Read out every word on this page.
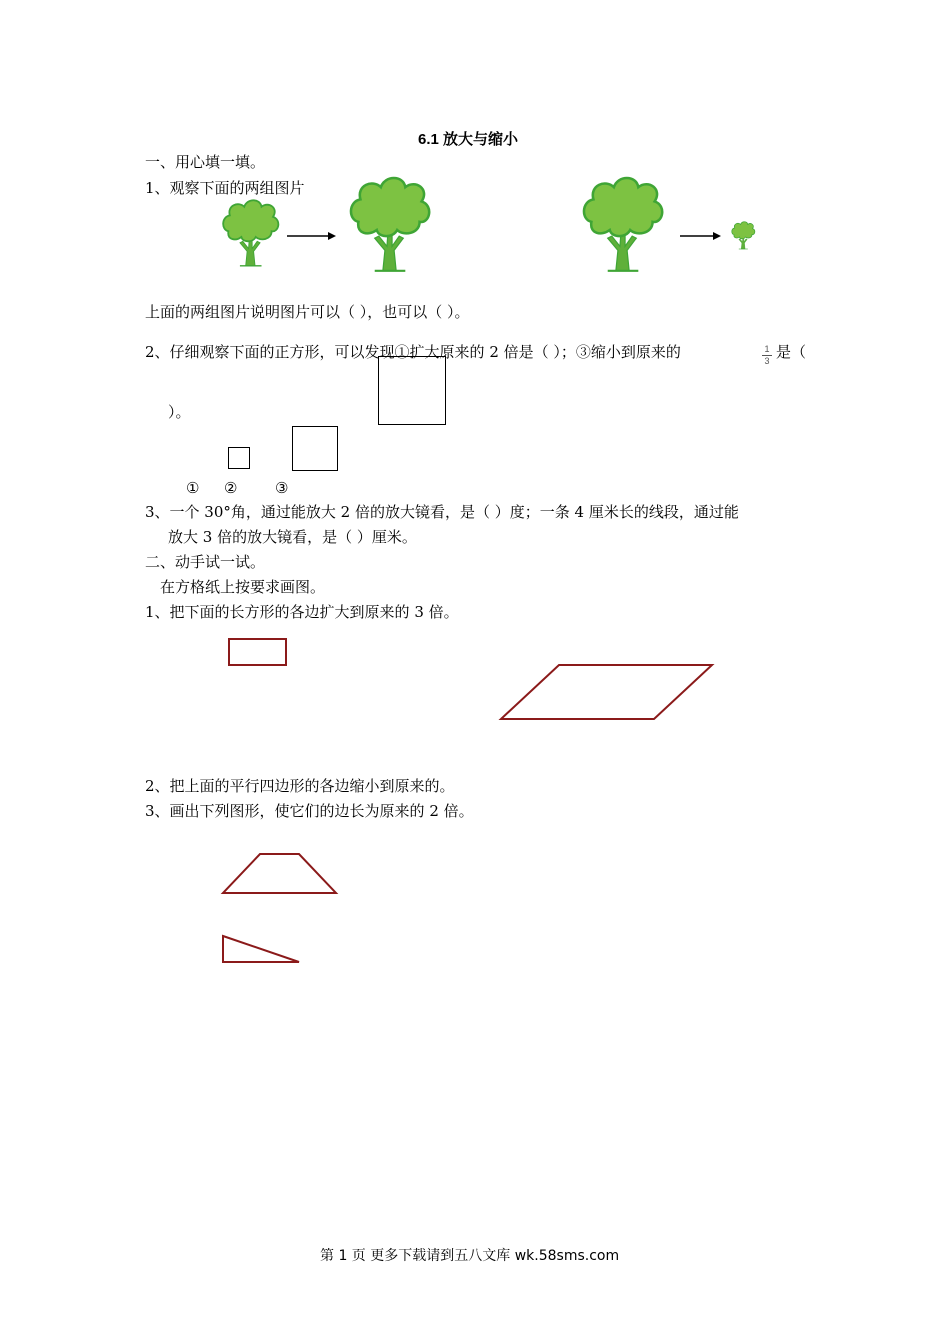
6.1 放大与缩小
一、用心填一填。
1、观察下面的两组图片
上面的两组图片说明图片可以（ ），也可以（ ）。
2、仔细观察下面的正方形，可以发现①扩大原来的 2 倍是（ ）；③缩小到原来的	1
3 是（
）。
① ②	③
3、一个 30°角，通过能放大 2 倍的放大镜看，是（ ）度；一条 4 厘米长的线段，通过能
放大 3 倍的放大镜看，是（ ）厘米。
二、动手试一试。
在方格纸上按要求画图。
1、把下面的长方形的各边扩大到原来的 3 倍。
2、把上面的平行四边形的各边缩小到原来的。
3、画出下列图形，使它们的边长为原来的 2 倍。
第 1 页 更多下载请到五八文库 wk.58sms.com
